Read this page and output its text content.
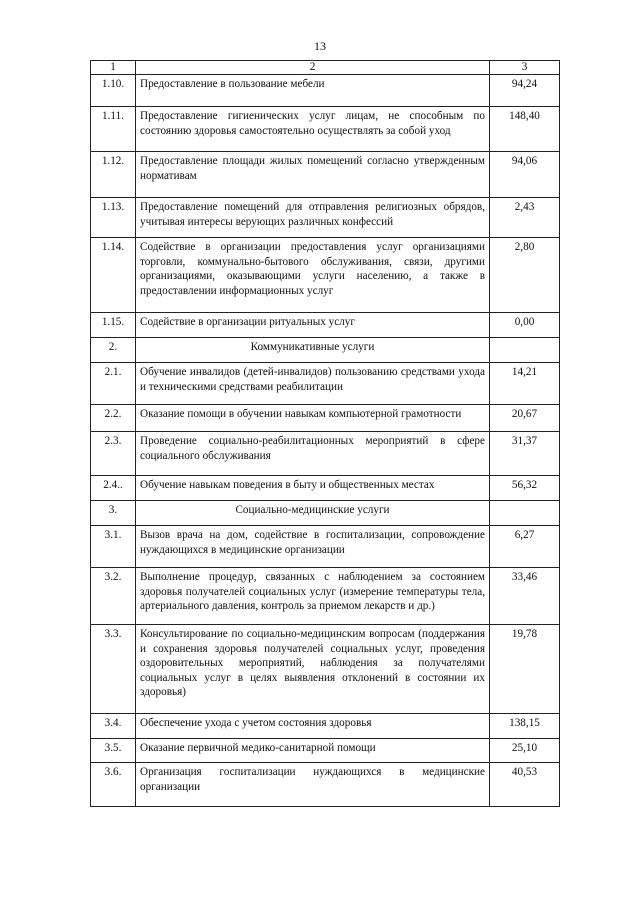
13
1	2	3
1.10.	Предоставление в пользование мебели	94,24
1.11.	Предоставление гигиенических услуг лицам, не способным по состоянию здоровья самостоятельно осуществлять за собой уход	148,40
1.12.	Предоставление площади жилых помещений согласно утвержденным нормативам	94,06
1.13.	Предоставление помещений для отправления религиозных обрядов, учитывая интересы верующих различных конфессий	2,43
1.14.	Содействие в организации предоставления услуг организациями торговли, коммунально-бытового обслуживания, связи, другими организациями, оказывающими услуги населению, а также в предоставлении информационных услуг	2,80
1.15.	Содействие в организации ритуальных услуг	0,00
2.	Коммуникативные услуги	
2.1.	Обучение инвалидов (детей-инвалидов) пользованию средствами ухода и техническими средствами реабилитации	14,21
2.2.	Оказание помощи в обучении навыкам компьютерной грамотности	20,67
2.3.	Проведение социально-реабилитационных мероприятий в сфере социального обслуживания	31,37
2.4..	Обучение навыкам поведения в быту и общественных местах	56,32
3.	Социально-медицинские услуги	
3.1.	Вызов врача на дом, содействие в госпитализации, сопровождение нуждающихся в медицинские организации	6,27
3.2.	Выполнение процедур, связанных с наблюдением за состоянием здоровья получателей социальных услуг (измерение температуры тела, артериального давления, контроль за приемом лекарств и др.)	33,46
3.3.	Консультирование по социально-медицинским вопросам (поддержания и сохранения здоровья получателей социальных услуг, проведения оздоровительных мероприятий, наблюдения за получателями социальных услуг в целях выявления отклонений в состоянии их здоровья)	19,78
3.4.	Обеспечение ухода с учетом состояния здоровья	138,15
3.5.	Оказание первичной медико-санитарной помощи	25,10
3.6.	Организация госпитализации нуждающихся в медицинские организации	40,53
